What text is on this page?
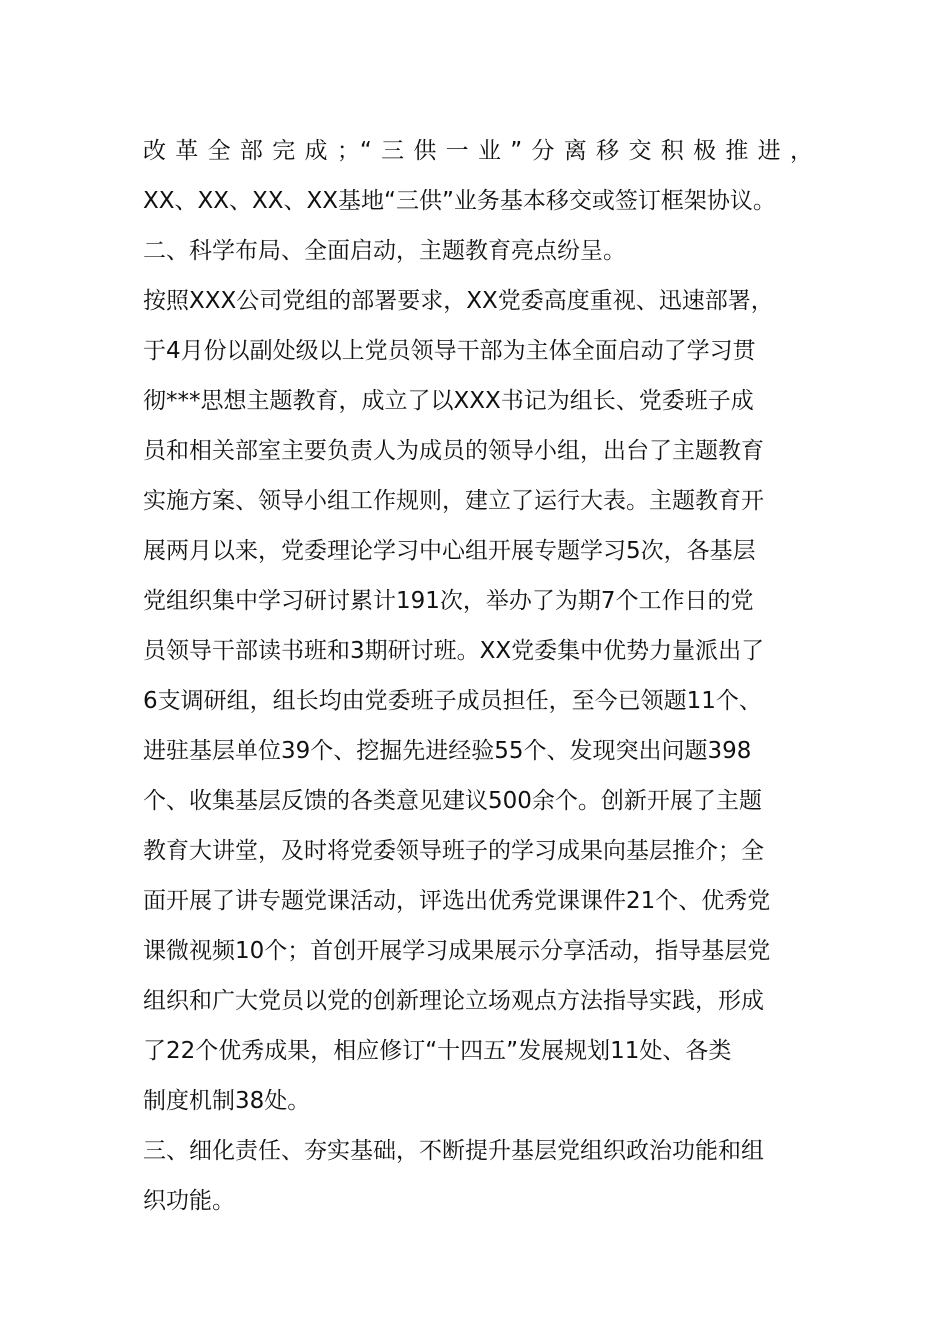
改革全部完成；“三供一业”分离移交积极推进，
XX、XX、XX、XX基地“三供”业务基本移交或签订框架协议。
二、科学布局、全面启动，主题教育亮点纷呈。
按照XXX公司党组的部署要求，XX党委高度重视、迅速部署，
于4月份以副处级以上党员领导干部为主体全面启动了学习贯
彻***思想主题教育，成立了以XXX书记为组长、党委班子成
员和相关部室主要负责人为成员的领导小组，出台了主题教育
实施方案、领导小组工作规则，建立了运行大表。主题教育开
展两月以来，党委理论学习中心组开展专题学习5次，各基层
党组织集中学习研讨累计191次，举办了为期7个工作日的党
员领导干部读书班和3期研讨班。XX党委集中优势力量派出了
6支调研组，组长均由党委班子成员担任，至今已领题11个、
进驻基层单位39个、挖掘先进经验55个、发现突出问题398
个、收集基层反馈的各类意见建议500余个。创新开展了主题
教育大讲堂，及时将党委领导班子的学习成果向基层推介；全
面开展了讲专题党课活动，评选出优秀党课课件21个、优秀党
课微视频10个；首创开展学习成果展示分享活动，指导基层党
组织和广大党员以党的创新理论立场观点方法指导实践，形成
了22个优秀成果，相应修订“十四五”发展规划11处、各类
制度机制38处。
三、细化责任、夯实基础，不断提升基层党组织政治功能和组
织功能。
